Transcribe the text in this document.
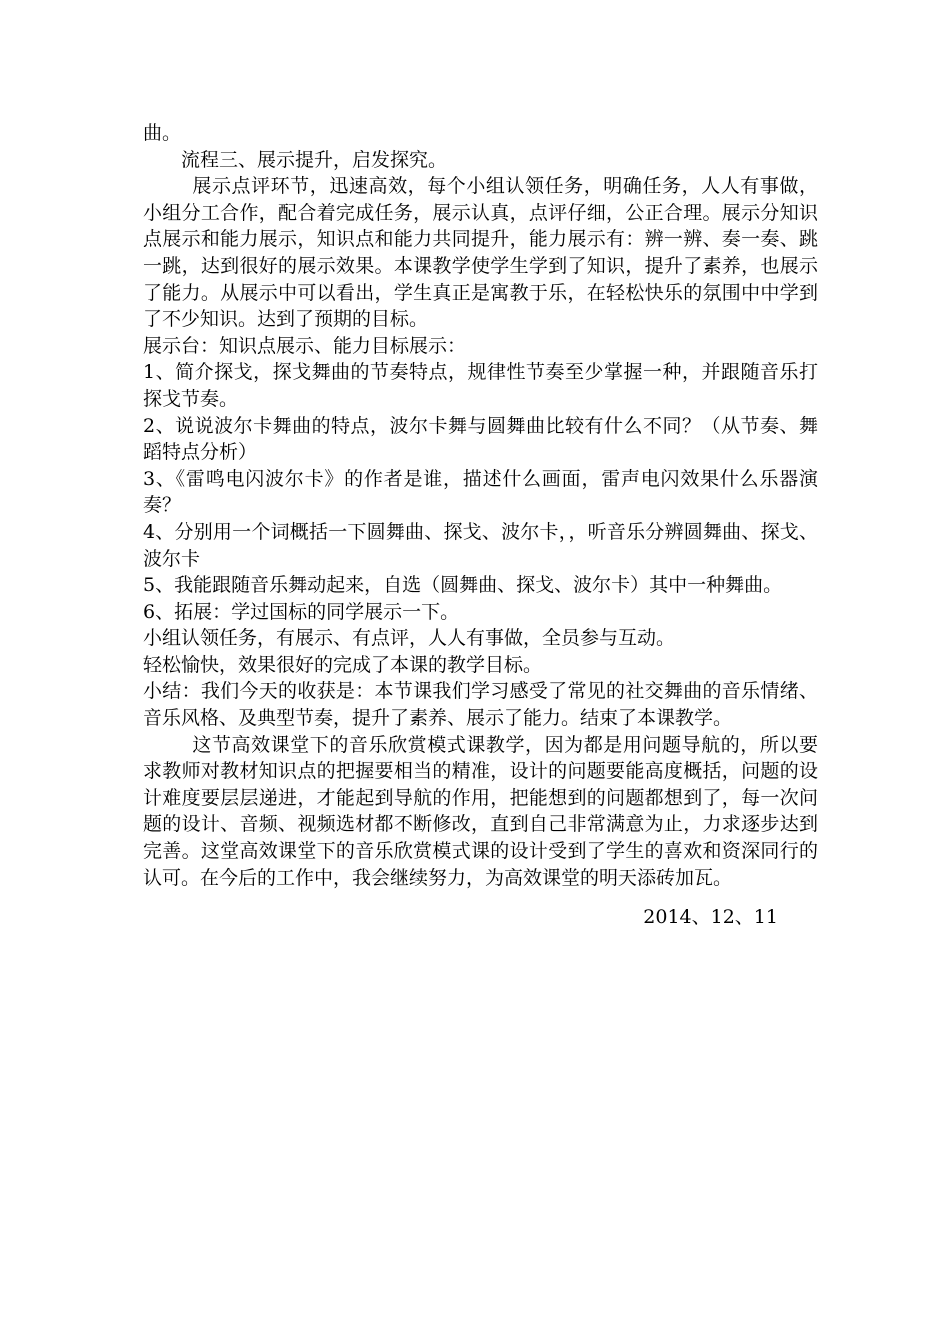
曲。

流程三、展示提升，启发探究。

展示点评环节，迅速高效，每个小组认领任务，明确任务，人人有事做，小组分工合作，配合着完成任务，展示认真，点评仔细，公正合理。展示分知识点展示和能力展示，知识点和能力共同提升，能力展示有：辨一辨、奏一奏、跳一跳，达到很好的展示效果。本课教学使学生学到了知识，提升了素养，也展示了能力。从展示中可以看出，学生真正是寓教于乐，在轻松快乐的氛围中中学到了不少知识。达到了预期的目标。

展示台：知识点展示、能力目标展示：

1、简介探戈，探戈舞曲的节奏特点，规律性节奏至少掌握一种，并跟随音乐打探戈节奏。

2、说说波尔卡舞曲的特点，波尔卡舞与圆舞曲比较有什么不同？（从节奏、舞蹈特点分析）

3、《雷鸣电闪波尔卡》的作者是谁，描述什么画面，雷声电闪效果什么乐器演奏？

4、分别用一个词概括一下圆舞曲、探戈、波尔卡，，听音乐分辨圆舞曲、探戈、波尔卡

5、我能跟随音乐舞动起来，自选（圆舞曲、探戈、波尔卡）其中一种舞曲。

6、拓展：学过国标的同学展示一下。

小组认领任务，有展示、有点评，人人有事做，全员参与互动。

轻松愉快，效果很好的完成了本课的教学目标。

小结：我们今天的收获是：本节课我们学习感受了常见的社交舞曲的音乐情绪、音乐风格、及典型节奏，提升了素养、展示了能力。结束了本课教学。

这节高效课堂下的音乐欣赏模式课教学，因为都是用问题导航的，所以要求教师对教材知识点的把握要相当的精准，设计的问题要能高度概括，问题的设计难度要层层递进，才能起到导航的作用，把能想到的问题都想到了，每一次问题的设计、音频、视频选材都不断修改，直到自己非常满意为止，力求逐步达到完善。这堂高效课堂下的音乐欣赏模式课的设计受到了学生的喜欢和资深同行的认可。在今后的工作中，我会继续努力，为高效课堂的明天添砖加瓦。

2014、12、11
